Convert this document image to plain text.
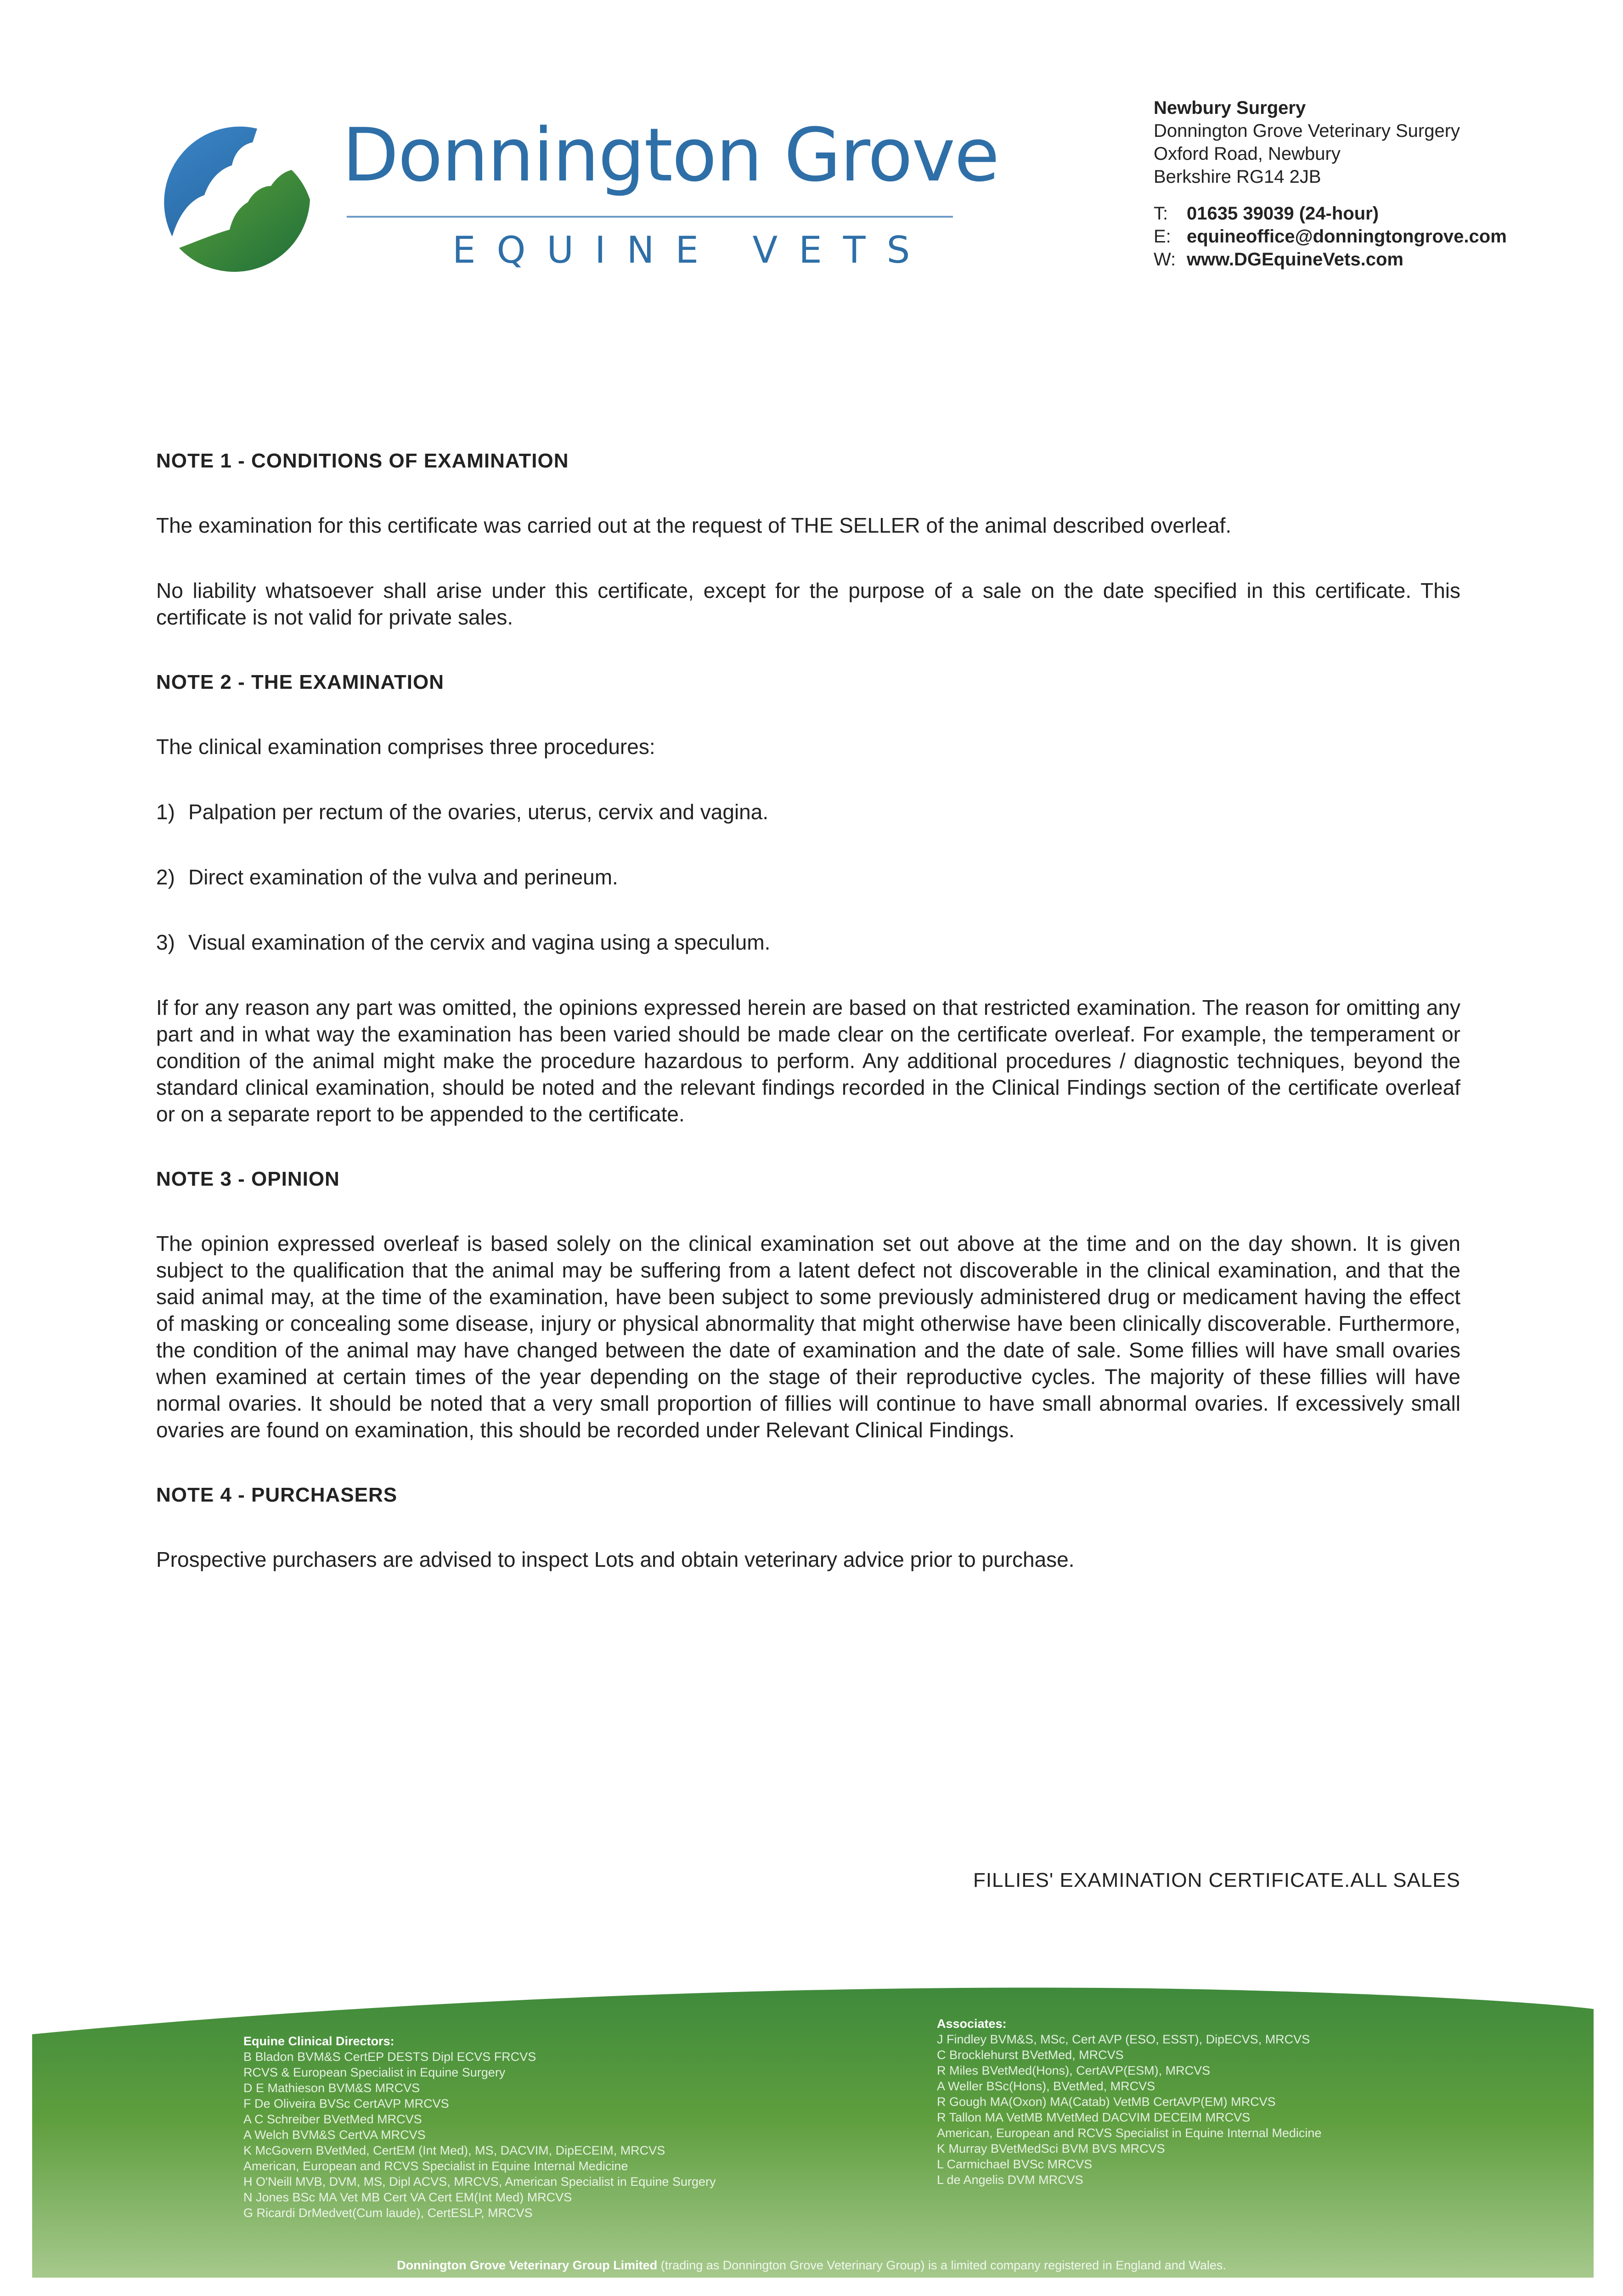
Donnington Grove
EQUINE VETS
Newbury Surgery
Donnington Grove Veterinary Surgery
Oxford Road, Newbury
Berkshire RG14 2JB
T: 01635 39039 (24-hour)
E: equineoffice@donningtongrove.com
W: www.DGEquineVets.com
NOTE 1 - CONDITIONS OF EXAMINATION
The examination for this certificate was carried out at the request of THE SELLER of the animal described overleaf.
No liability whatsoever shall arise under this certificate, except for the purpose of a sale on the date specified in this certificate. This certificate is not valid for private sales.
NOTE 2 - THE EXAMINATION
The clinical examination comprises three procedures:
1) Palpation per rectum of the ovaries, uterus, cervix and vagina.
2) Direct examination of the vulva and perineum.
3) Visual examination of the cervix and vagina using a speculum.
If for any reason any part was omitted, the opinions expressed herein are based on that restricted examination. The reason for omitting any part and in what way the examination has been varied should be made clear on the certificate overleaf. For example, the temperament or condition of the animal might make the procedure hazardous to perform. Any additional procedures / diagnostic techniques, beyond the standard clinical examination, should be noted and the relevant findings recorded in the Clinical Findings section of the certificate overleaf or on a separate report to be appended to the certificate.
NOTE 3 - OPINION
The opinion expressed overleaf is based solely on the clinical examination set out above at the time and on the day shown. It is given subject to the qualification that the animal may be suffering from a latent defect not discoverable in the clinical examination, and that the said animal may, at the time of the examination, have been subject to some previously administered drug or medicament having the effect of masking or concealing some disease, injury or physical abnormality that might otherwise have been clinically discoverable. Furthermore, the condition of the animal may have changed between the date of examination and the date of sale. Some fillies will have small ovaries when examined at certain times of the year depending on the stage of their reproductive cycles. The majority of these fillies will have normal ovaries. It should be noted that a very small proportion of fillies will continue to have small abnormal ovaries. If excessively small ovaries are found on examination, this should be recorded under Relevant Clinical Findings.
NOTE 4 - PURCHASERS
Prospective purchasers are advised to inspect Lots and obtain veterinary advice prior to purchase.
FILLIES' EXAMINATION CERTIFICATE.ALL SALES
Equine Clinical Directors:
B Bladon BVM&S CertEP DESTS Dipl ECVS FRCVS
RCVS & European Specialist in Equine Surgery
D E Mathieson BVM&S MRCVS
F De Oliveira BVSc CertAVP MRCVS
A C Schreiber BVetMed MRCVS
A Welch BVM&S CertVA MRCVS
K McGovern BVetMed, CertEM (Int Med), MS, DACVIM, DipECEIM, MRCVS
American, European and RCVS Specialist in Equine Internal Medicine
H O'Neill MVB, DVM, MS, Dipl ACVS, MRCVS, American Specialist in Equine Surgery
N Jones BSc MA Vet MB Cert VA Cert EM(Int Med) MRCVS
G Ricardi DrMedvet(Cum laude), CertESLP, MRCVS
Associates:
J Findley BVM&S, MSc, Cert AVP (ESO, ESST), DipECVS, MRCVS
C Brocklehurst BVetMed, MRCVS
R Miles BVetMed(Hons), CertAVP(ESM), MRCVS
A Weller BSc(Hons), BVetMed, MRCVS
R Gough MA(Oxon) MA(Catab) VetMB CertAVP(EM) MRCVS
R Tallon MA VetMB MVetMed DACVIM DECEIM MRCVS
American, European and RCVS Specialist in Equine Internal Medicine
K Murray BVetMedSci BVM BVS MRCVS
L Carmichael BVSc MRCVS
L de Angelis DVM MRCVS
Donnington Grove Veterinary Group Limited (trading as Donnington Grove Veterinary Group) is a limited company registered in England and Wales.
